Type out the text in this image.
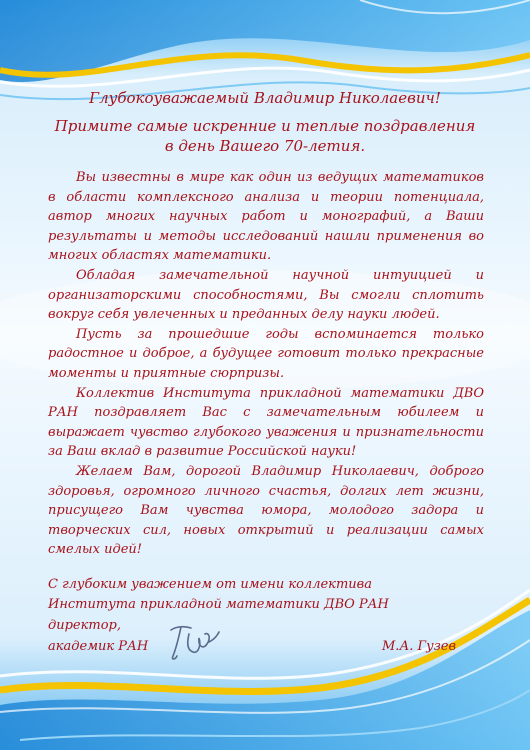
Глубокоуважаемый Владимир Николаевич!
Примите самые искренние и теплые поздравления
в день Вашего 70-летия.

Вы известны в мире как один из ведущих математиков в области комплексного анализа и теории потенциала, автор многих научных работ и монографий, а Ваши результаты и методы исследований нашли применения во многих областях математики.

Обладая замечательной научной интуицией и организаторскими способностями, Вы смогли сплотить вокруг себя увлеченных и преданных делу науки людей.

Пусть за прошедшие годы вспоминается только радостное и доброе, а будущее готовит только прекрасные моменты и приятные сюрпризы.

Коллектив Института прикладной математики ДВО РАН поздравляет Вас с замечательным юбилеем и выражает чувство глубокого уважения и признательности за Ваш вклад в развитие Российской науки!

Желаем Вам, дорогой Владимир Николаевич, доброго здоровья, огромного личного счастья, долгих лет жизни, присущего Вам чувства юмора, молодого задора и творческих сил, новых открытий и реализации самых смелых идей!

С глубоким уважением от имени коллектива
Института прикладной математики ДВО РАН
директор,
академик РАН	М.А. Гузев
